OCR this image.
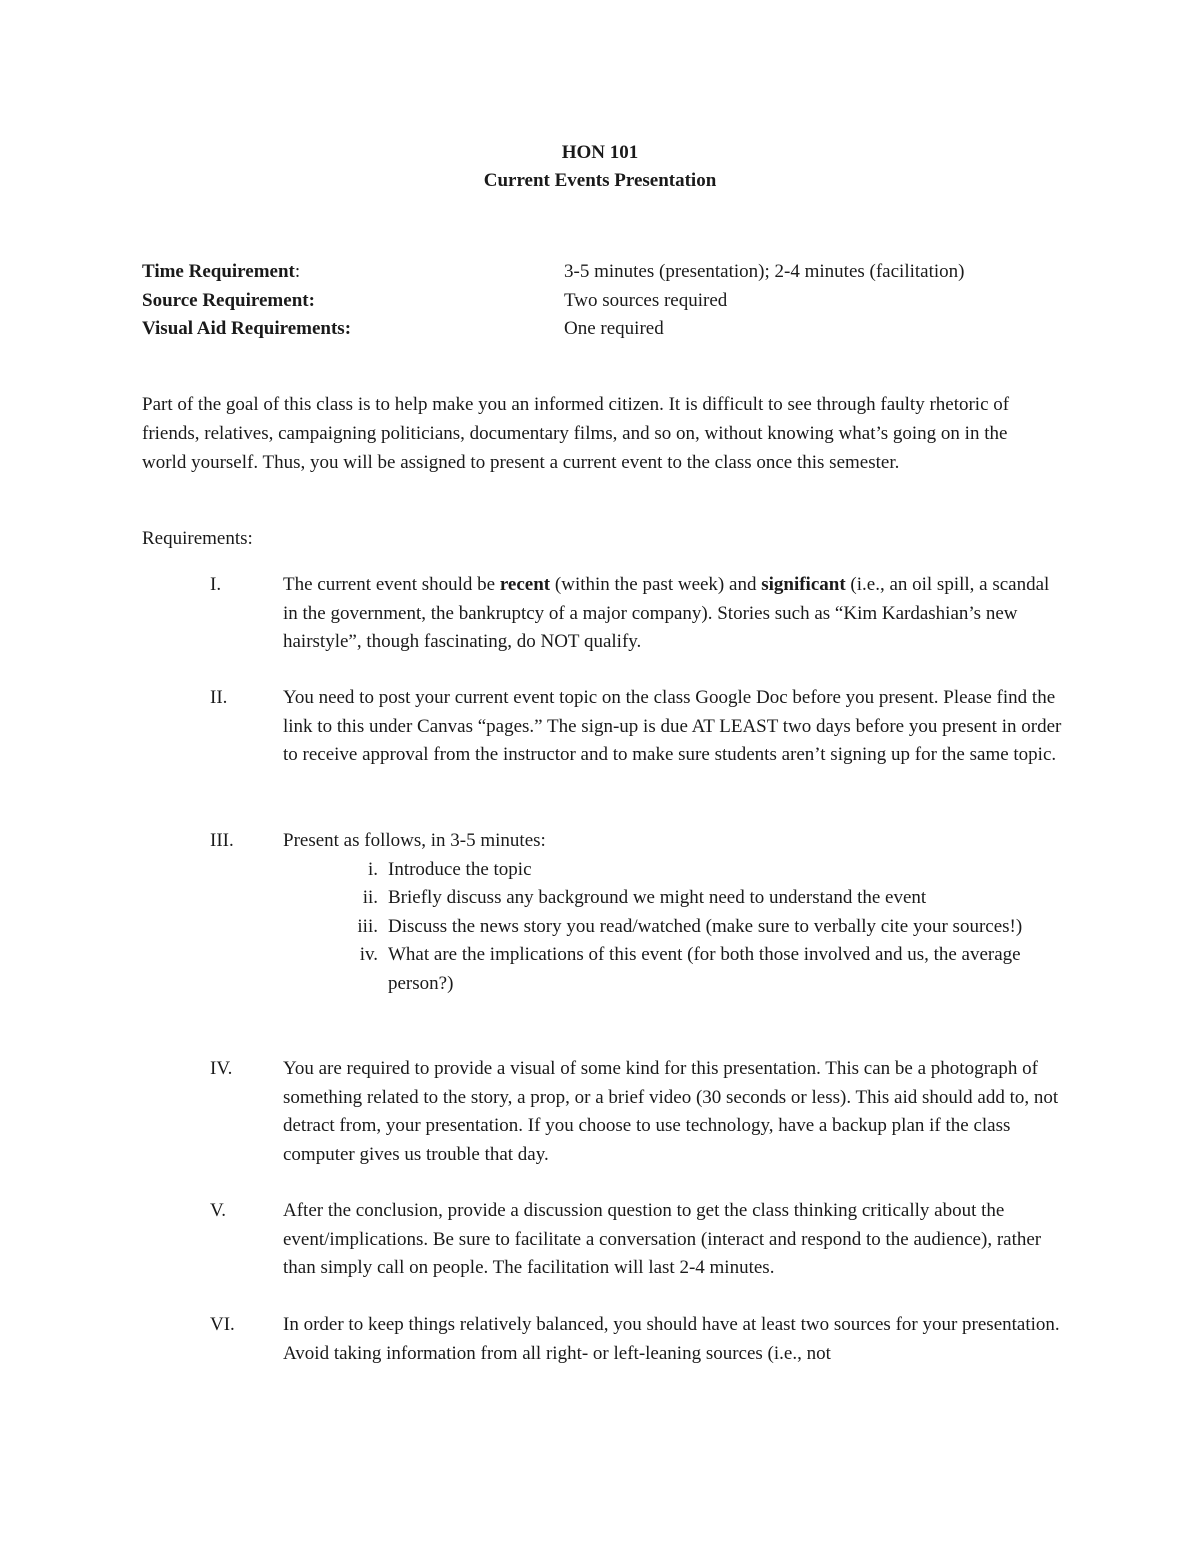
HON 101
Current Events Presentation
Time Requirement:	3-5 minutes (presentation); 2-4 minutes (facilitation)
Source Requirement:	Two sources required
Visual Aid Requirements:	One required

Part of the goal of this class is to help make you an informed citizen. It is difficult to see through faulty rhetoric of friends, relatives, campaigning politicians, documentary films, and so on, without knowing what’s going on in the world yourself. Thus, you will be assigned to present a current event to the class once this semester.

Requirements:
I.	The current event should be recent (within the past week) and significant (i.e., an oil spill, a scandal in the government, the bankruptcy of a major company). Stories such as “Kim Kardashian’s new hairstyle”, though fascinating, do NOT qualify.

II.	You need to post your current event topic on the class Google Doc before you present. Please find the link to this under Canvas “pages.” The sign-up is due AT LEAST two days before you present in order to receive approval from the instructor and to make sure students aren’t signing up for the same topic.

III.	Present as follows, in 3-5 minutes:

i. Introduce the topic
ii. Briefly discuss any background we might need to understand the event
iii. Discuss the news story you read/watched (make sure to verbally cite your sources!)
iv. What are the implications of this event (for both those involved and us, the average person?)
IV.	You are required to provide a visual of some kind for this presentation. This can be a photograph of something related to the story, a prop, or a brief video (30 seconds or less). This aid should add to, not detract from, your presentation. If you choose to use technology, have a backup plan if the class computer gives us trouble that day.

V.	After the conclusion, provide a discussion question to get the class thinking critically about the event/implications. Be sure to facilitate a conversation (interact and respond to the audience), rather than simply call on people. The facilitation will last 2-4 minutes.

VI.	In order to keep things relatively balanced, you should have at least two sources for your presentation. Avoid taking information from all right- or left-leaning sources (i.e., not
